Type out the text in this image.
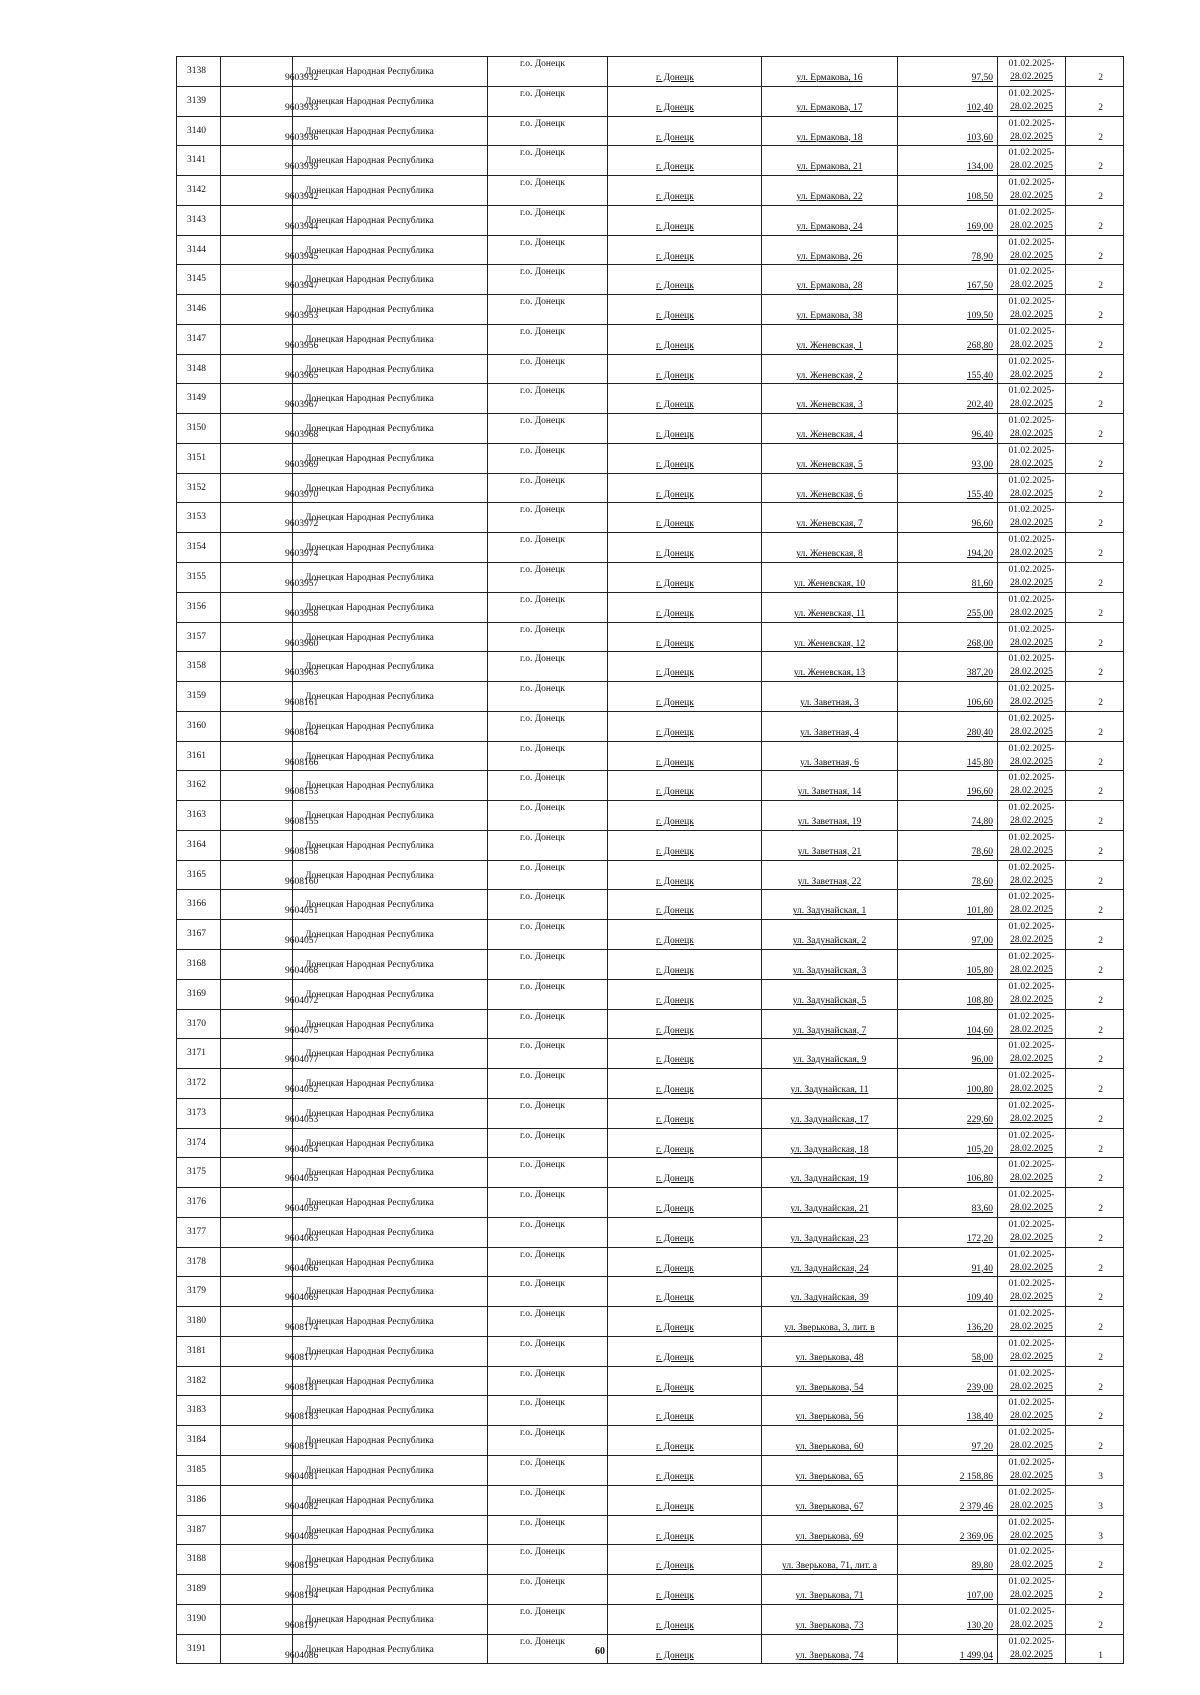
3138	9603932	Донецкая Народная Республика	г.о. Донецк	г. Донецк	ул. Ермакова, 16	97,50	01.02.2025-
28.02.2025	2

3139	9603933	Донецкая Народная Республика	г.о. Донецк	г. Донецк	ул. Ермакова, 17	102,40	01.02.2025-
28.02.2025	2

3140	9603936	Донецкая Народная Республика	г.о. Донецк	г. Донецк	ул. Ермакова, 18	103,60	01.02.2025-
28.02.2025	2

3141	9603939	Донецкая Народная Республика	г.о. Донецк	г. Донецк	ул. Ермакова, 21	134,00	01.02.2025-
28.02.2025	2

3142	9603942	Донецкая Народная Республика	г.о. Донецк	г. Донецк	ул. Ермакова, 22	108,50	01.02.2025-
28.02.2025	2

3143	9603944	Донецкая Народная Республика	г.о. Донецк	г. Донецк	ул. Ермакова, 24	169,00	01.02.2025-
28.02.2025	2

3144	9603945	Донецкая Народная Республика	г.о. Донецк	г. Донецк	ул. Ермакова, 26	78,90	01.02.2025-
28.02.2025	2

3145	9603947	Донецкая Народная Республика	г.о. Донецк	г. Донецк	ул. Ермакова, 28	167,50	01.02.2025-
28.02.2025	2

3146	9603953	Донецкая Народная Республика	г.о. Донецк	г. Донецк	ул. Ермакова, 38	109,50	01.02.2025-
28.02.2025	2

3147	9603956	Донецкая Народная Республика	г.о. Донецк	г. Донецк	ул. Женевская, 1	268,80	01.02.2025-
28.02.2025	2

3148	9603965	Донецкая Народная Республика	г.о. Донецк	г. Донецк	ул. Женевская, 2	155,40	01.02.2025-
28.02.2025	2

3149	9603967	Донецкая Народная Республика	г.о. Донецк	г. Донецк	ул. Женевская, 3	202,40	01.02.2025-
28.02.2025	2

3150	9603968	Донецкая Народная Республика	г.о. Донецк	г. Донецк	ул. Женевская, 4	96,40	01.02.2025-
28.02.2025	2

3151	9603969	Донецкая Народная Республика	г.о. Донецк	г. Донецк	ул. Женевская, 5	93,00	01.02.2025-
28.02.2025	2

3152	9603970	Донецкая Народная Республика	г.о. Донецк	г. Донецк	ул. Женевская, 6	155,40	01.02.2025-
28.02.2025	2

3153	9603972	Донецкая Народная Республика	г.о. Донецк	г. Донецк	ул. Женевская, 7	96,60	01.02.2025-
28.02.2025	2

3154	9603974	Донецкая Народная Республика	г.о. Донецк	г. Донецк	ул. Женевская, 8	194,20	01.02.2025-
28.02.2025	2

3155	9603957	Донецкая Народная Республика	г.о. Донецк	г. Донецк	ул. Женевская, 10	81,60	01.02.2025-
28.02.2025	2

3156	9603958	Донецкая Народная Республика	г.о. Донецк	г. Донецк	ул. Женевская, 11	255,00	01.02.2025-
28.02.2025	2

3157	9603960	Донецкая Народная Республика	г.о. Донецк	г. Донецк	ул. Женевская, 12	268,00	01.02.2025-
28.02.2025	2

3158	9603963	Донецкая Народная Республика	г.о. Донецк	г. Донецк	ул. Женевская, 13	387,20	01.02.2025-
28.02.2025	2

3159	9608161	Донецкая Народная Республика	г.о. Донецк	г. Донецк	ул. Заветная, 3	106,60	01.02.2025-
28.02.2025	2

3160	9608164	Донецкая Народная Республика	г.о. Донецк	г. Донецк	ул. Заветная, 4	280,40	01.02.2025-
28.02.2025	2

3161	9608166	Донецкая Народная Республика	г.о. Донецк	г. Донецк	ул. Заветная, 6	145,80	01.02.2025-
28.02.2025	2

3162	9608153	Донецкая Народная Республика	г.о. Донецк	г. Донецк	ул. Заветная, 14	196,60	01.02.2025-
28.02.2025	2

3163	9608155	Донецкая Народная Республика	г.о. Донецк	г. Донецк	ул. Заветная, 19	74,80	01.02.2025-
28.02.2025	2

3164	9608158	Донецкая Народная Республика	г.о. Донецк	г. Донецк	ул. Заветная, 21	78,60	01.02.2025-
28.02.2025	2

3165	9608160	Донецкая Народная Республика	г.о. Донецк	г. Донецк	ул. Заветная, 22	78,60	01.02.2025-
28.02.2025	2

3166	9604051	Донецкая Народная Республика	г.о. Донецк	г. Донецк	ул. Задунайская, 1	101,80	01.02.2025-
28.02.2025	2

3167	9604057	Донецкая Народная Республика	г.о. Донецк	г. Донецк	ул. Задунайская, 2	97,00	01.02.2025-
28.02.2025	2

3168	9604068	Донецкая Народная Республика	г.о. Донецк	г. Донецк	ул. Задунайская, 3	105,80	01.02.2025-
28.02.2025	2

3169	9604072	Донецкая Народная Республика	г.о. Донецк	г. Донецк	ул. Задунайская, 5	108,80	01.02.2025-
28.02.2025	2

3170	9604075	Донецкая Народная Республика	г.о. Донецк	г. Донецк	ул. Задунайская, 7	104,60	01.02.2025-
28.02.2025	2

3171	9604077	Донецкая Народная Республика	г.о. Донецк	г. Донецк	ул. Задунайская, 9	96,00	01.02.2025-
28.02.2025	2

3172	9604052	Донецкая Народная Республика	г.о. Донецк	г. Донецк	ул. Задунайская, 11	100,80	01.02.2025-
28.02.2025	2

3173	9604053	Донецкая Народная Республика	г.о. Донецк	г. Донецк	ул. Задунайская, 17	229,60	01.02.2025-
28.02.2025	2

3174	9604054	Донецкая Народная Республика	г.о. Донецк	г. Донецк	ул. Задунайская, 18	105,20	01.02.2025-
28.02.2025	2

3175	9604055	Донецкая Народная Республика	г.о. Донецк	г. Донецк	ул. Задунайская, 19	106,80	01.02.2025-
28.02.2025	2

3176	9604059	Донецкая Народная Республика	г.о. Донецк	г. Донецк	ул. Задунайская, 21	83,60	01.02.2025-
28.02.2025	2

3177	9604063	Донецкая Народная Республика	г.о. Донецк	г. Донецк	ул. Задунайская, 23	172,20	01.02.2025-
28.02.2025	2

3178	9604066	Донецкая Народная Республика	г.о. Донецк	г. Донецк	ул. Задунайская, 24	91,40	01.02.2025-
28.02.2025	2

3179	9604069	Донецкая Народная Республика	г.о. Донецк	г. Донецк	ул. Задунайская, 39	109,40	01.02.2025-
28.02.2025	2

3180	9608174	Донецкая Народная Республика	г.о. Донецк	г. Донецк	ул. Зверькова, 3, лит. в	136,20	01.02.2025-
28.02.2025	2

3181	9608177	Донецкая Народная Республика	г.о. Донецк	г. Донецк	ул. Зверькова, 48	58,00	01.02.2025-
28.02.2025	2

3182	9608181	Донецкая Народная Республика	г.о. Донецк	г. Донецк	ул. Зверькова, 54	239,00	01.02.2025-
28.02.2025	2

3183	9608183	Донецкая Народная Республика	г.о. Донецк	г. Донецк	ул. Зверькова, 56	138,40	01.02.2025-
28.02.2025	2

3184	9608191	Донецкая Народная Республика	г.о. Донецк	г. Донецк	ул. Зверькова, 60	97,20	01.02.2025-
28.02.2025	2

3185	9604081	Донецкая Народная Республика	г.о. Донецк	г. Донецк	ул. Зверькова, 65	2 158,86	01.02.2025-
28.02.2025	3

3186	9604082	Донецкая Народная Республика	г.о. Донецк	г. Донецк	ул. Зверькова, 67	2 379,46	01.02.2025-
28.02.2025	3

3187	9604085	Донецкая Народная Республика	г.о. Донецк	г. Донецк	ул. Зверькова, 69	2 369,06	01.02.2025-
28.02.2025	3

3188	9608195	Донецкая Народная Республика	г.о. Донецк	г. Донецк	ул. Зверькова, 71, лит. а	89,80	01.02.2025-
28.02.2025	2

3189	9608194	Донецкая Народная Республика	г.о. Донецк	г. Донецк	ул. Зверькова, 71	107,00	01.02.2025-
28.02.2025	2

3190	9608197	Донецкая Народная Республика	г.о. Донецк	г. Донецк	ул. Зверькова, 73	130,20	01.02.2025-
28.02.2025	2

3191	9604086	Донецкая Народная Республика	г.о. Донецк	г. Донецк	ул. Зверькова, 74	1 499,04	01.02.2025-
28.02.2025	1
60
